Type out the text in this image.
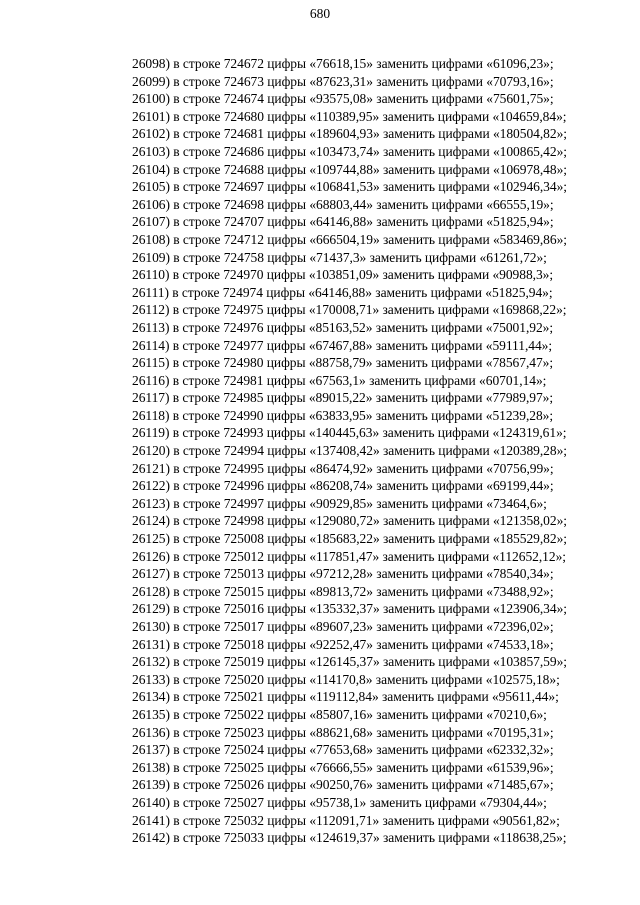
680
26098) в строке 724672 цифры «76618,15» заменить цифрами «61096,23»;
26099) в строке 724673 цифры «87623,31» заменить цифрами «70793,16»;
26100) в строке 724674 цифры «93575,08» заменить цифрами «75601,75»;
26101) в строке 724680 цифры «110389,95» заменить цифрами «104659,84»;
26102) в строке 724681 цифры «189604,93» заменить цифрами «180504,82»;
26103) в строке 724686 цифры «103473,74» заменить цифрами «100865,42»;
26104) в строке 724688 цифры «109744,88» заменить цифрами «106978,48»;
26105) в строке 724697 цифры «106841,53» заменить цифрами «102946,34»;
26106) в строке 724698 цифры «68803,44» заменить цифрами «66555,19»;
26107) в строке 724707 цифры «64146,88» заменить цифрами «51825,94»;
26108) в строке 724712 цифры «666504,19» заменить цифрами «583469,86»;
26109) в строке 724758 цифры «71437,3» заменить цифрами «61261,72»;
26110) в строке 724970 цифры «103851,09» заменить цифрами «90988,3»;
26111) в строке 724974 цифры «64146,88» заменить цифрами «51825,94»;
26112) в строке 724975 цифры «170008,71» заменить цифрами «169868,22»;
26113) в строке 724976 цифры «85163,52» заменить цифрами «75001,92»;
26114) в строке 724977 цифры «67467,88» заменить цифрами «59111,44»;
26115) в строке 724980 цифры «88758,79» заменить цифрами «78567,47»;
26116) в строке 724981 цифры «67563,1» заменить цифрами «60701,14»;
26117) в строке 724985 цифры «89015,22» заменить цифрами «77989,97»;
26118) в строке 724990 цифры «63833,95» заменить цифрами «51239,28»;
26119) в строке 724993 цифры «140445,63» заменить цифрами «124319,61»;
26120) в строке 724994 цифры «137408,42» заменить цифрами «120389,28»;
26121) в строке 724995 цифры «86474,92» заменить цифрами «70756,99»;
26122) в строке 724996 цифры «86208,74» заменить цифрами «69199,44»;
26123) в строке 724997 цифры «90929,85» заменить цифрами «73464,6»;
26124) в строке 724998 цифры «129080,72» заменить цифрами «121358,02»;
26125) в строке 725008 цифры «185683,22» заменить цифрами «185529,82»;
26126) в строке 725012 цифры «117851,47» заменить цифрами «112652,12»;
26127) в строке 725013 цифры «97212,28» заменить цифрами «78540,34»;
26128) в строке 725015 цифры «89813,72» заменить цифрами «73488,92»;
26129) в строке 725016 цифры «135332,37» заменить цифрами «123906,34»;
26130) в строке 725017 цифры «89607,23» заменить цифрами «72396,02»;
26131) в строке 725018 цифры «92252,47» заменить цифрами «74533,18»;
26132) в строке 725019 цифры «126145,37» заменить цифрами «103857,59»;
26133) в строке 725020 цифры «114170,8» заменить цифрами «102575,18»;
26134) в строке 725021 цифры «119112,84» заменить цифрами «95611,44»;
26135) в строке 725022 цифры «85807,16» заменить цифрами «70210,6»;
26136) в строке 725023 цифры «88621,68» заменить цифрами «70195,31»;
26137) в строке 725024 цифры «77653,68» заменить цифрами «62332,32»;
26138) в строке 725025 цифры «76666,55» заменить цифрами «61539,96»;
26139) в строке 725026 цифры «90250,76» заменить цифрами «71485,67»;
26140) в строке 725027 цифры «95738,1» заменить цифрами «79304,44»;
26141) в строке 725032 цифры «112091,71» заменить цифрами «90561,82»;
26142) в строке 725033 цифры «124619,37» заменить цифрами «118638,25»;
